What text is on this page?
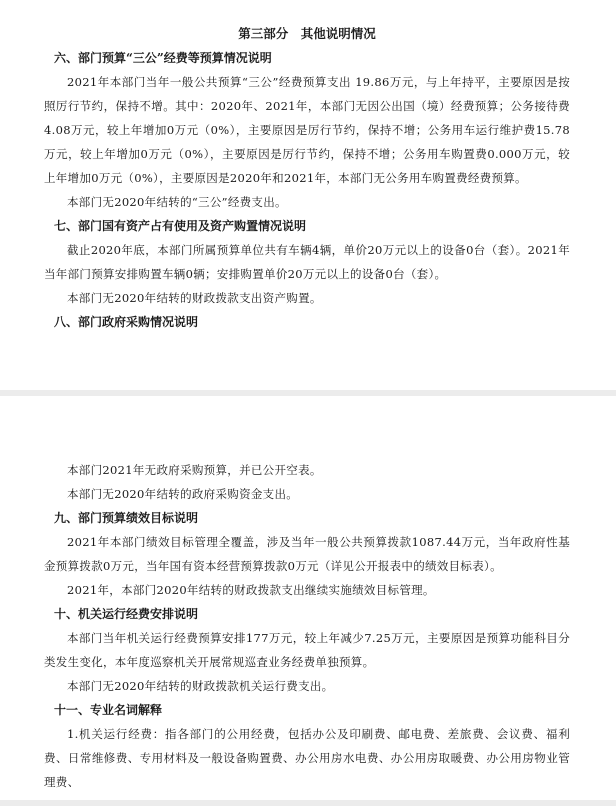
第三部分　其他说明情况
六、部门预算“三公”经费等预算情况说明

2021年本部门当年一般公共预算“三公”经费预算支出 19.86万元，与上年持平，主要原因是按照厉行节约，保持不增。其中：2020年、2021年，本部门无因公出国（境）经费预算；公务接待费4.08万元，较上年增加0万元（0%），主要原因是厉行节约，保持不增；公务用车运行维护费15.78万元，较上年增加0万元（0%），主要原因是厉行节约，保持不增；公务用车购置费0.000万元，较上年增加0万元（0%），主要原因是2020年和2021年，本部门无公务用车购置费经费预算。

本部门无2020年结转的“三公”经费支出。

七、部门国有资产占有使用及资产购置情况说明

截止2020年底，本部门所属预算单位共有车辆4辆，单价20万元以上的设备0台（套）。2021年当年部门预算安排购置车辆0辆；安排购置单价20万元以上的设备0台（套）。

本部门无2020年结转的财政拨款支出资产购置。

八、部门政府采购情况说明

本部门2021年无政府采购预算，并已公开空表。

本部门无2020年结转的政府采购资金支出。

九、部门预算绩效目标说明

2021年本部门绩效目标管理全覆盖，涉及当年一般公共预算拨款1087.44万元，当年政府性基金预算拨款0万元，当年国有资本经营预算拨款0万元（详见公开报表中的绩效目标表）。

2021年，本部门2020年结转的财政拨款支出继续实施绩效目标管理。

十、机关运行经费安排说明

本部门当年机关运行经费预算安排177万元，较上年减少7.25万元，主要原因是预算功能科目分类发生变化，本年度巡察机关开展常规巡査业务经费单独预算。

本部门无2020年结转的财政拨款机关运行费支出。

十一、专业名词解释

1.机关运行经费：指各部门的公用经费，包括办公及印刷费、邮电费、差旅费、会议费、福利费、日常维修费、专用材料及一般设备购置费、办公用房水电费、办公用房取暖费、办公用房物业管理费、
